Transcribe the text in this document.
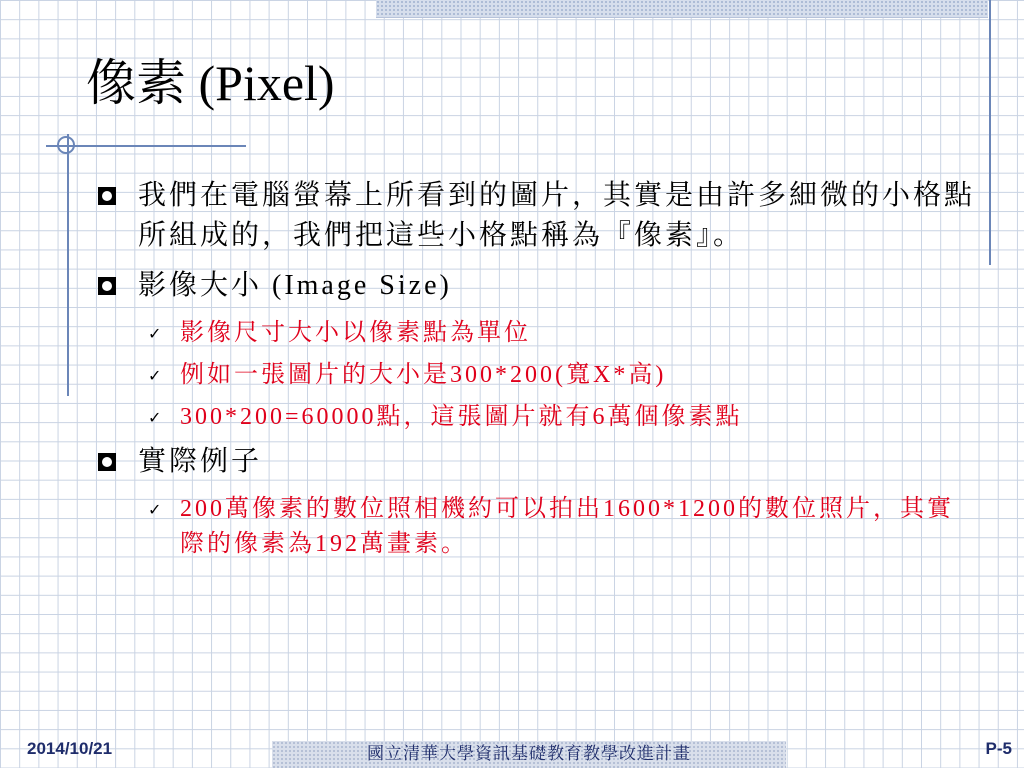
像素 (Pixel)
我們在電腦螢幕上所看到的圖片，其實是由許多細微的小格點所組成的，我們把這些小格點稱為『像素』。
影像大小 (Image Size)
✓ 影像尺寸大小以像素點為單位
✓ 例如一張圖片的大小是300*200(寬X*高)
✓ 300*200=60000點，這張圖片就有6萬個像素點
實際例子
✓ 200萬像素的數位照相機約可以拍出1600*1200的數位照片，其實際的像素為192萬畫素。
2014/10/21	國立清華大學資訊基礎教育教學改進計畫	P-5
